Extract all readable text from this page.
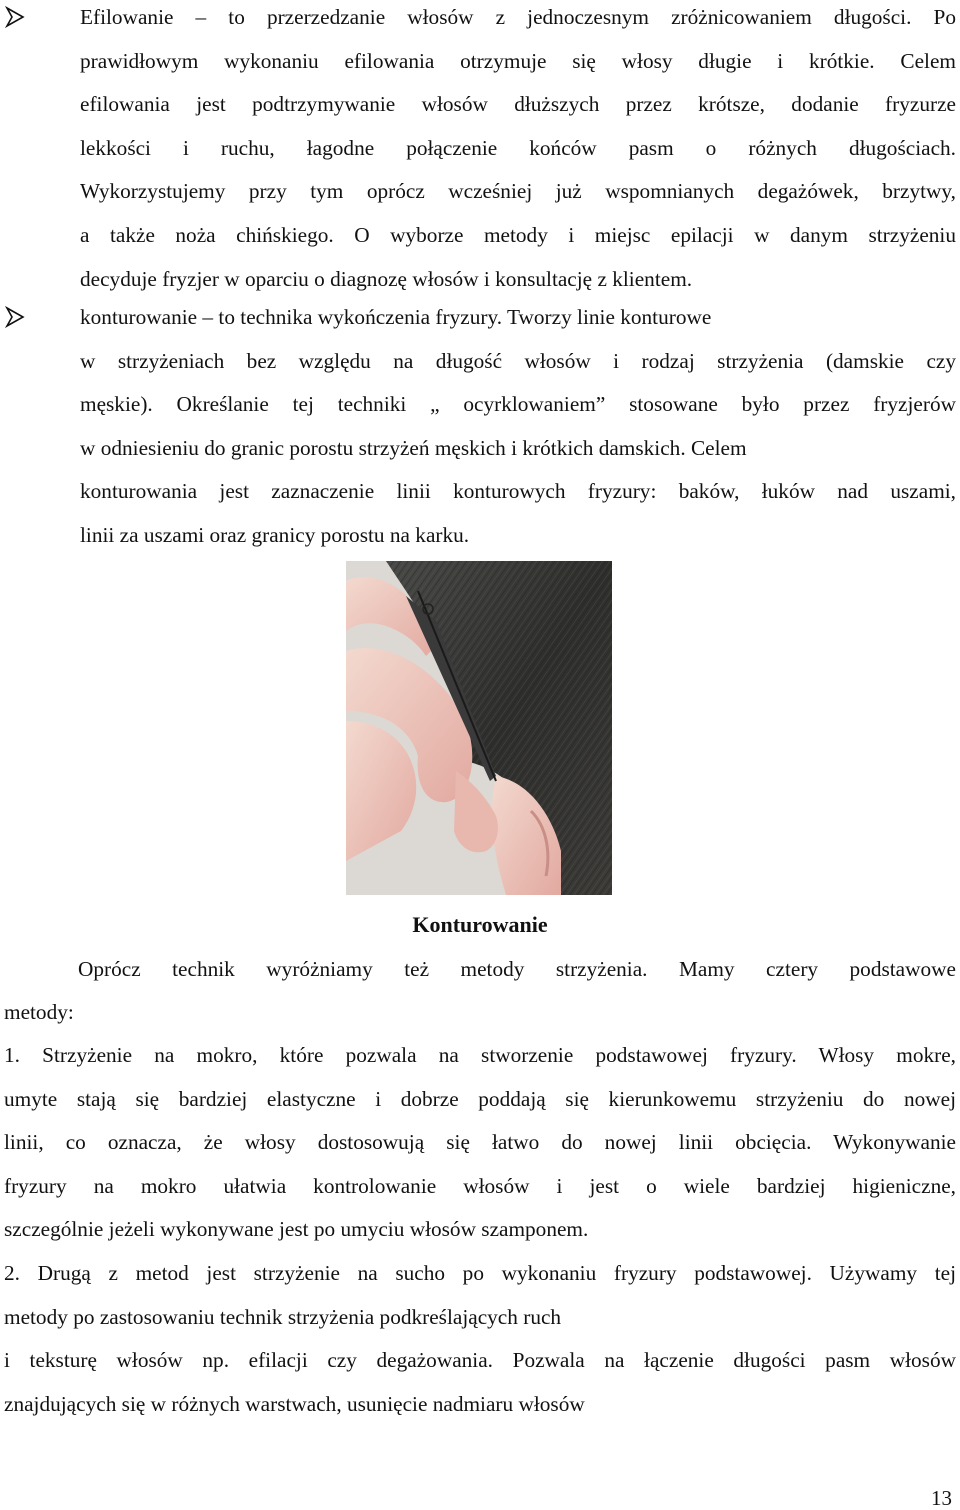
Efilowanie – to przerzedzanie włosów z jednoczesnym zróżnicowaniem długości. Po
prawidłowym wykonaniu efilowania otrzymuje się włosy długie i krótkie. Celem
efilowania jest podtrzymywanie włosów dłuższych przez krótsze, dodanie fryzurze
lekkości i ruchu, łagodne połączenie końców pasm o różnych długościach.
Wykorzystujemy przy tym oprócz wcześniej już wspomnianych degażówek, brzytwy,
a także noża chińskiego. O wyborze metody i miejsc epilacji w danym strzyżeniu
decyduje fryzjer w oparciu o diagnozę włosów i konsultację z klientem.
konturowanie – to technika wykończenia fryzury. Tworzy linie konturowe
w strzyżeniach bez względu na długość włosów i rodzaj strzyżenia (damskie czy
męskie). Określanie tej techniki „ ocyrklowaniem” stosowane było przez fryzjerów
w odniesieniu do granic porostu strzyżeń męskich i krótkich damskich. Celem
konturowania jest zaznaczenie linii konturowych fryzury: baków, łuków nad uszami,
linii za uszami oraz granicy porostu na karku.
Konturowanie
Oprócz technik wyróżniamy też metody strzyżenia. Mamy cztery podstawowe
metody:
1. Strzyżenie na mokro, które pozwala na stworzenie podstawowej fryzury. Włosy mokre,
umyte stają się bardziej elastyczne i dobrze poddają się kierunkowemu strzyżeniu do nowej
linii, co oznacza, że włosy dostosowują się łatwo do nowej linii obcięcia. Wykonywanie
fryzury na mokro ułatwia kontrolowanie włosów i jest o wiele bardziej higieniczne,
szczególnie jeżeli wykonywane jest po umyciu włosów szamponem.
2. Drugą z metod jest strzyżenie na sucho po wykonaniu fryzury podstawowej. Używamy tej
metody po zastosowaniu technik strzyżenia podkreślających ruch
i teksturę włosów np. efilacji czy degażowania. Pozwala na łączenie długości pasm włosów
znajdujących się w różnych warstwach, usunięcie nadmiaru włosów
13
